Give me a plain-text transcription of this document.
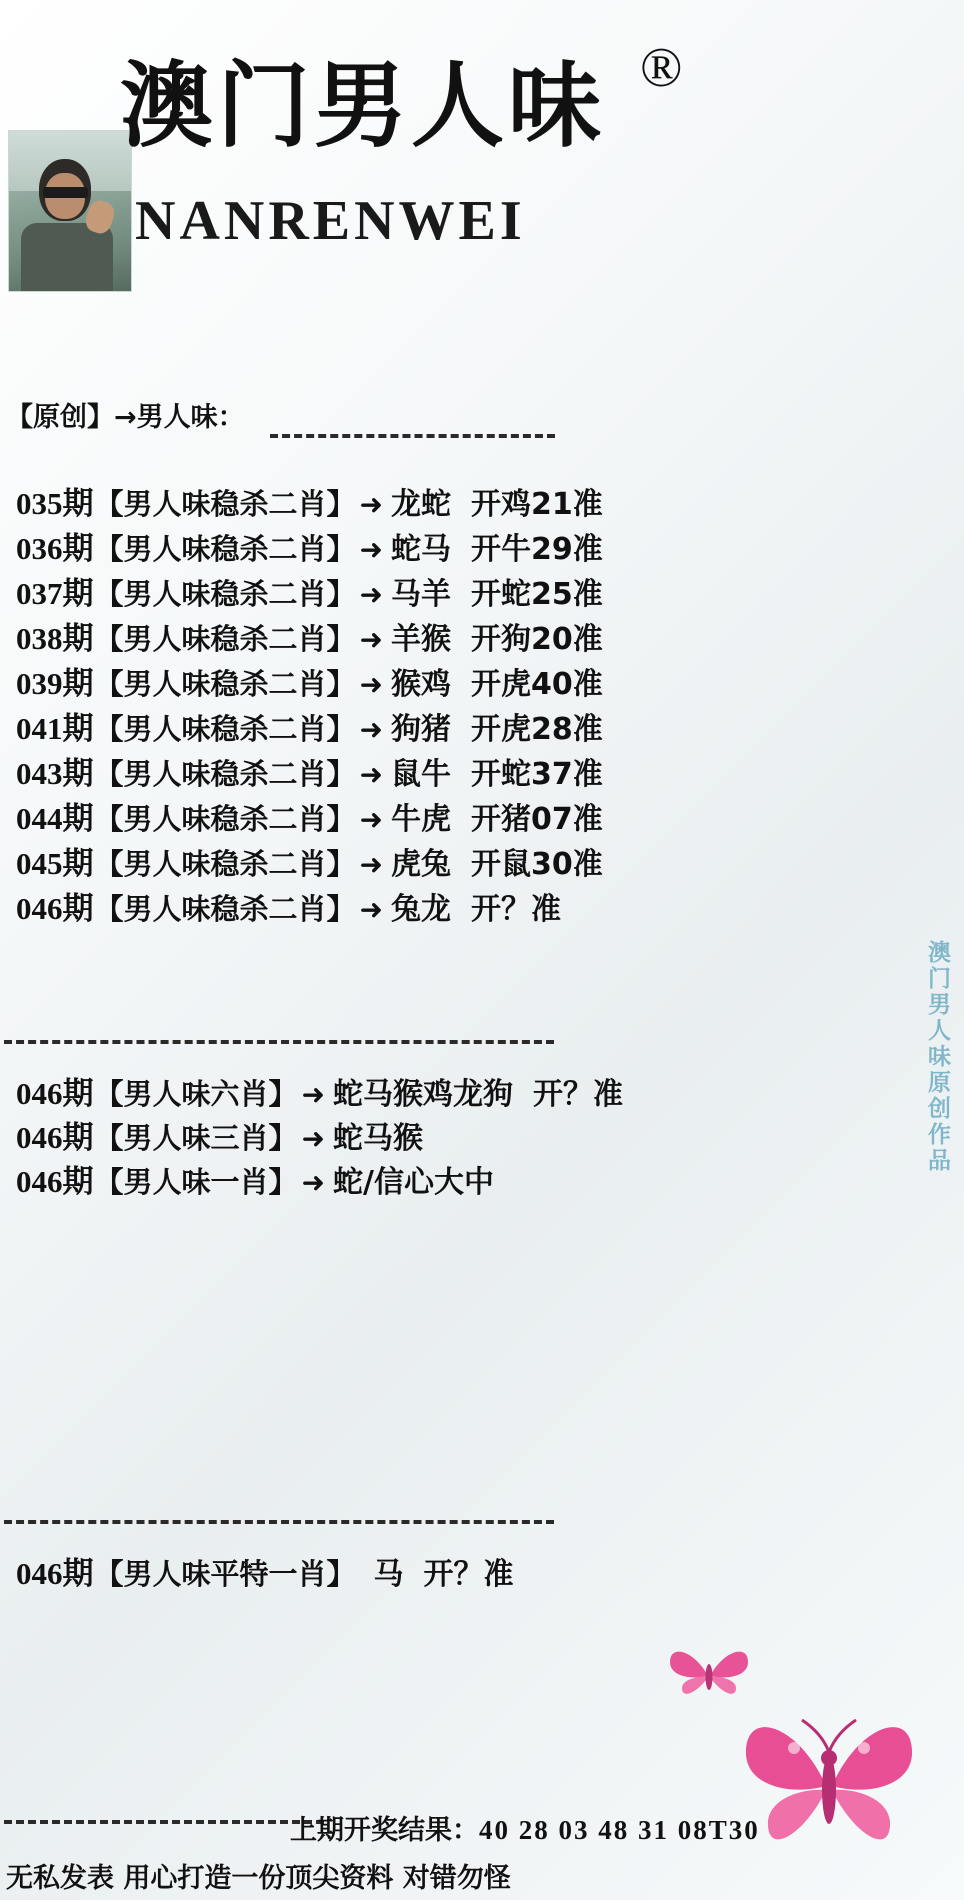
澳门男人味 ®
NANRENWEI
【原创】→男人味：
035期 【男人味稳杀二肖】 ➜ 龙蛇 开鸡21准
036期 【男人味稳杀二肖】 ➜ 蛇马 开牛29准
037期 【男人味稳杀二肖】 ➜ 马羊 开蛇25准
038期 【男人味稳杀二肖】 ➜ 羊猴 开狗20准
039期 【男人味稳杀二肖】 ➜ 猴鸡 开虎40准
041期 【男人味稳杀二肖】 ➜ 狗猪 开虎28准
043期 【男人味稳杀二肖】 ➜ 鼠牛 开蛇37准
044期 【男人味稳杀二肖】 ➜ 牛虎 开猪07准
045期 【男人味稳杀二肖】 ➜ 虎兔 开鼠30准
046期 【男人味稳杀二肖】 ➜ 兔龙 开？准
046期 【男人味六肖】 ➜ 蛇马猴鸡龙狗 开？准
046期 【男人味三肖】 ➜ 蛇马猴
046期 【男人味一肖】 ➜ 蛇/信心大中
046期 【男人味平特一肖】 马 开？准
澳门男人味原创作品
上期开奖结果：40 28 03 48 31 08T30
无私发表 用心打造一份顶尖资料 对错勿怪
